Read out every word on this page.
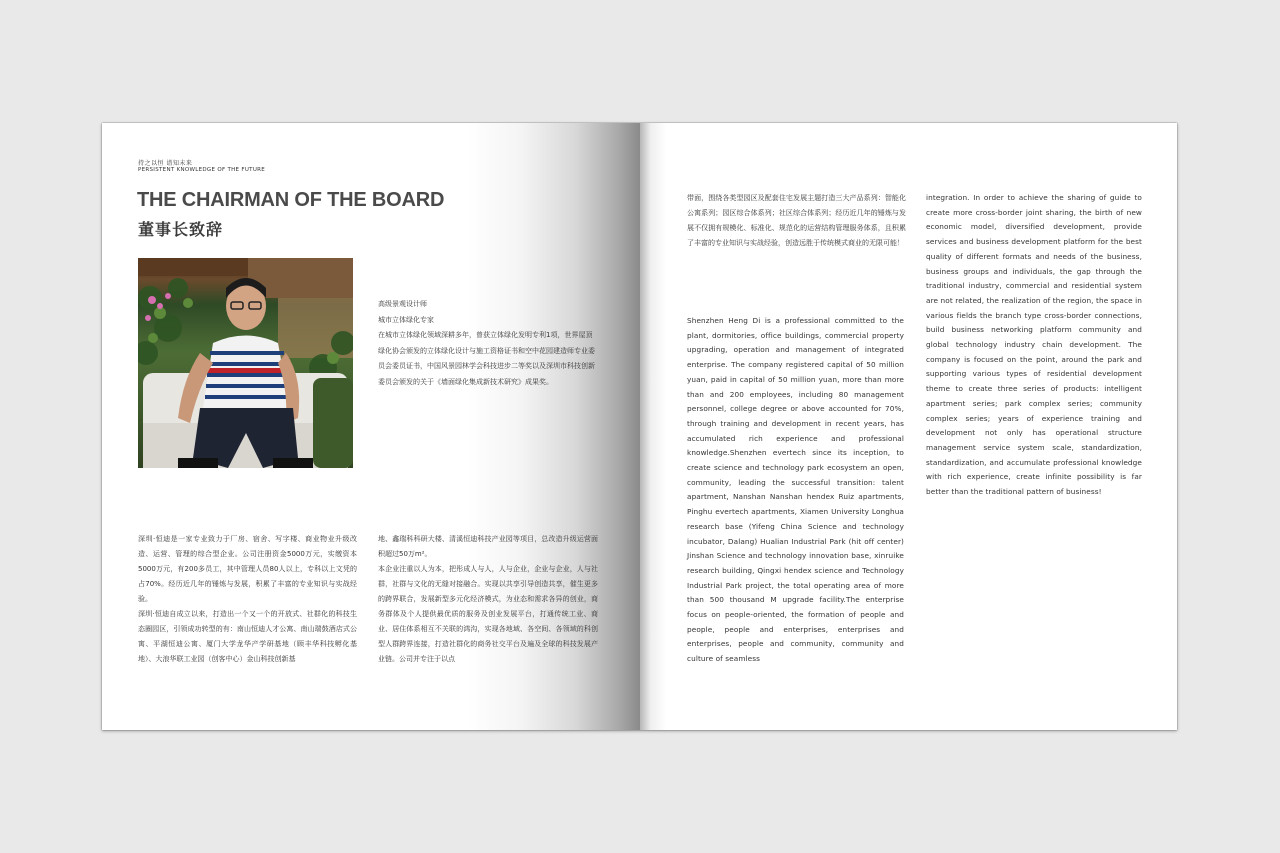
持之以恒 谱知未来
PERSISTENT KNOWLEDGE OF THE FUTURE
THE CHAIRMAN OF THE BOARD
董事长致辞

高级景观设计师

城市立体绿化专家

在城市立体绿化领域深耕多年，曾获立体绿化发明专利1项，世界屋顶绿化协会颁发的立体绿化设计与施工资格证书和空中花园建造师专业委员会委员证书，中国风景园林学会科技进步二等奖以及深圳市科技创新委员会颁发的关于《墙面绿化集成新技术研究》成果奖。

深圳·恒迪是一家专业致力于厂房、宿舍、写字楼、商业物业升级改造、运营、管理的综合型企业。公司注册资金5000万元，实缴资本5000万元，有200多员工，其中管理人员80人以上，专科以上文凭的占70%。经历近几年的锤炼与发展，积累了丰富的专业知识与实战经验。

深圳·恒迪自成立以来，打造出一个又一个的开放式、社群化的科技生态圈园区，引领成功转型的有：南山恒迪人才公寓、南山瑞鼓酒店式公寓、平湖恒迪公寓、厦门大学龙华产学研基地（顾丰华科技孵化基地）、大浪华联工业园（创客中心）金山科技创新基

地、鑫瑞科科研大楼、清溪恒迪科技产业园等项目，总改造升级运营面积超过50万m²。

本企业注重以人为本，把彤成人与人，人与企业，企业与企业，人与社群，社群与文化的无缝对接融合。实现以共享引导创造共享，催生更多的跨界联合，发展新型多元化经济模式，为业态和需求各异的创业，商务群体及个人提供最优质的服务及创业发展平台，打通传统工业、商业、居住体系相互不关联的鸿沟，实现各地域、各空间、各领域的科创型人群跨界连接，打造社群化的商务社交平台及遍及全球的科技发展产业链。公司并专注于以点

带面，围绕各类型园区及配套住宅发展主题打造三大产品系列：智能化公寓系列；园区综合体系列；社区综合体系列；经历近几年的锤炼与发展不仅拥有规模化、标准化、规范化的运营结构管理服务体系，且积累了丰富的专业知识与实战经验，创造远胜于传统模式商业的无限可能！

Shenzhen Heng Di is a professional committed to the plant, dormitories, office buildings, commercial property upgrading, operation and management of integrated enterprise. The company registered capital of 50 million yuan, paid in capital of 50 million yuan, more than more than and 200 employees, including 80 management personnel, college degree or above accounted for 70%, through training and development in recent years, has accumulated rich experience and professional knowledge.Shenzhen evertech since its inception, to create science and technology park ecosystem an open, community, leading the successful transition: talent apartment, Nanshan Nanshan hendex Ruiz apartments, Pinghu evertech apartments, Xiamen University Longhua research base (Yifeng China Science and technology incubator, Dalang) Hualian Industrial Park (hit off center) Jinshan Science and technology innovation base, xinruike research building, Qingxi hendex science and Technology Industrial Park project, the total operating area of more than 500 thousand M upgrade facility.The enterprise focus on people-oriented, the formation of people and people, people and enterprises, enterprises and enterprises, people and community, community and culture of seamless

integration. In order to achieve the sharing of guide to create more cross-border joint sharing, the birth of new economic model, diversified development, provide services and business development platform for the best quality of different formats and needs of the business, business groups and individuals, the gap through the traditional industry, commercial and residential system are not related, the realization of the region, the space in various fields the branch type cross-border connections, build business networking platform community and global technology industry chain development. The company is focused on the point, around the park and supporting various types of residential development theme to create three series of products: intelligent apartment series; park complex series; community complex series; years of experience training and development not only has operational structure management service system scale, standardization, standardization, and accumulate professional knowledge with rich experience, create infinite possibility is far better than the traditional pattern of business!
